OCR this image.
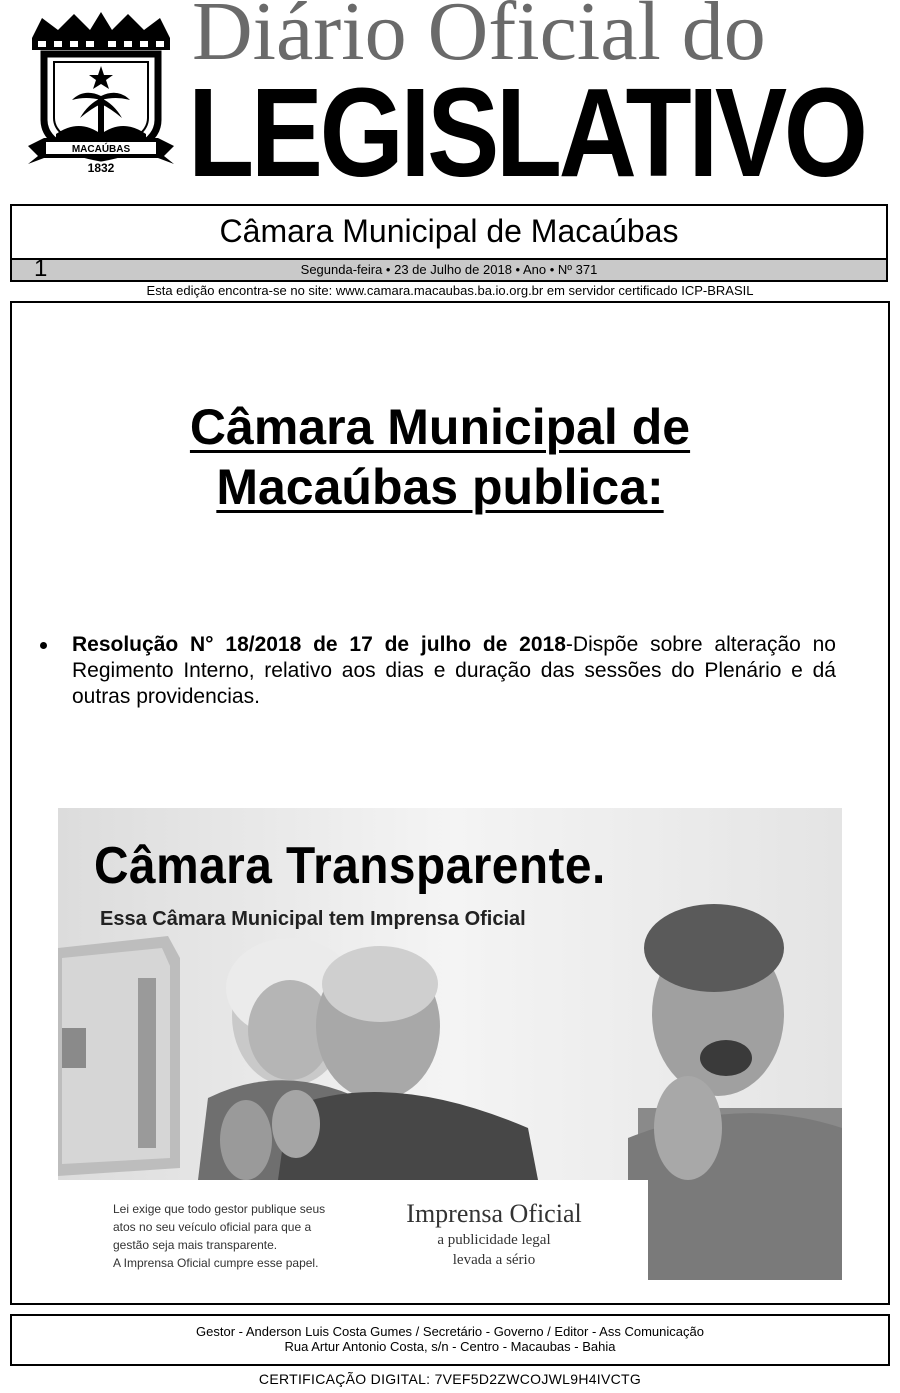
MACAÚBAS
1832
Diário Oficial do
LEGISLATIVO
Câmara Municipal de Macaúbas
1	Segunda-feira • 23 de Julho de 2018 • Ano • Nº 371
Esta edição encontra-se no site: www.camara.macaubas.ba.io.org.br em servidor certificado ICP-BRASIL
Câmara Municipal de
Macaúbas publica:
Resolução N° 18/2018 de 17 de julho de 2018-Dispõe sobre alteração no Regimento Interno, relativo aos dias e duração das sessões do Plenário e dá outras providencias.
Câmara Transparente.
Essa Câmara Municipal tem Imprensa Oficial
Lei exige que todo gestor publique seus
atos no seu veículo oficial para que a
gestão seja mais transparente.
A Imprensa Oficial cumpre esse papel.
Imprensa Oficial
a publicidade legal
levada a sério
Gestor - Anderson Luis Costa Gumes / Secretário - Governo / Editor - Ass Comunicação
Rua Artur Antonio Costa, s/n - Centro - Macaubas - Bahia
CERTIFICAÇÃO DIGITAL: 7VEF5D2ZWCOJWL9H4IVCTG
